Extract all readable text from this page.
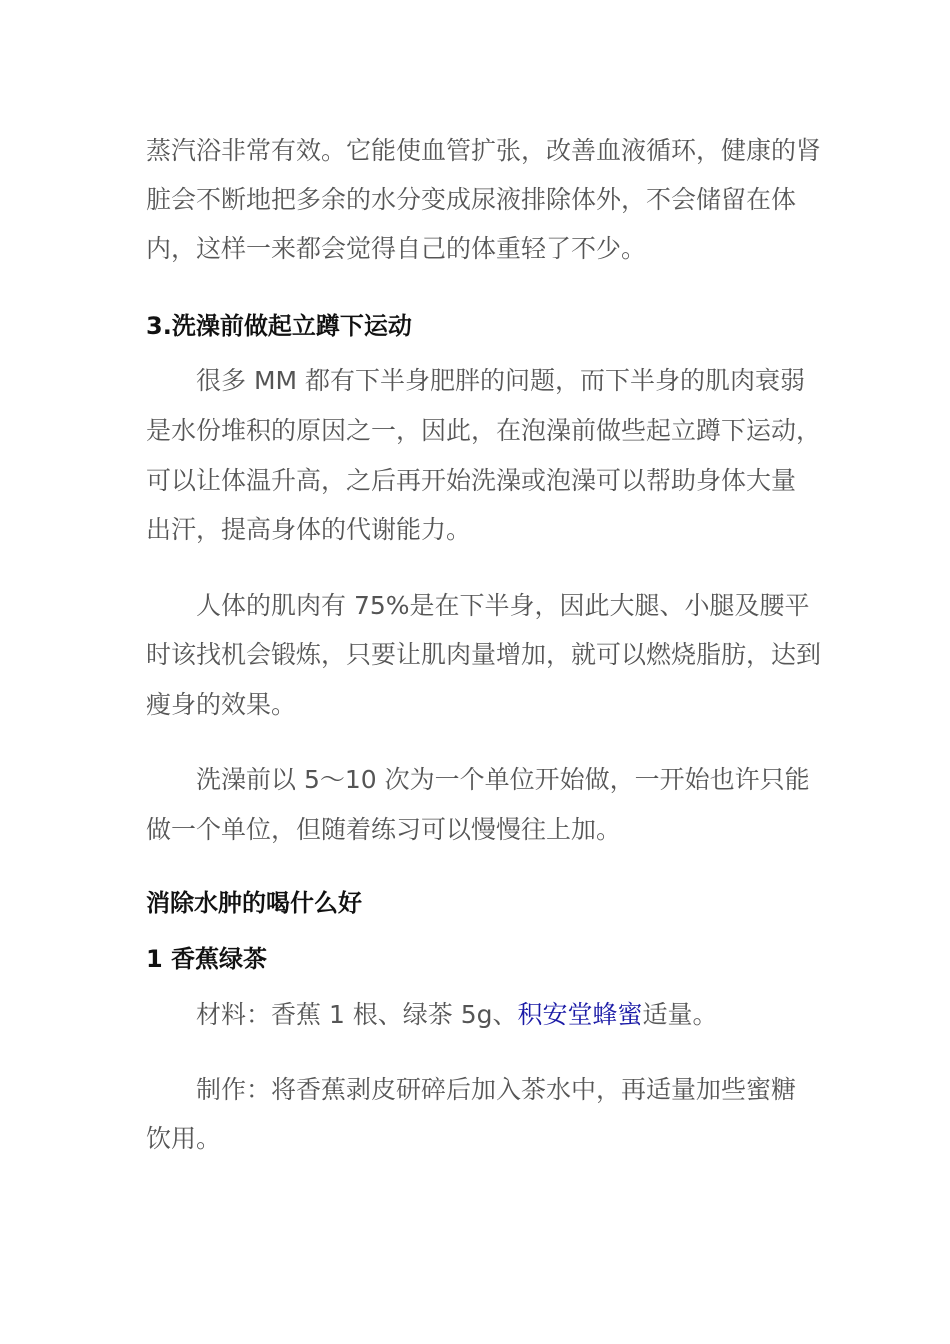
蒸汽浴非常有效。它能使血管扩张，改善血液循环，健康的肾
脏会不断地把多余的水分变成尿液排除体外，不会储留在体
内，这样一来都会觉得自己的体重轻了不少。
3.洗澡前做起立蹲下运动
很多 MM 都有下半身肥胖的问题，而下半身的肌肉衰弱
是水份堆积的原因之一，因此，在泡澡前做些起立蹲下运动，
可以让体温升高，之后再开始洗澡或泡澡可以帮助身体大量
出汗，提高身体的代谢能力。
人体的肌肉有 75%是在下半身，因此大腿、小腿及腰平
时该找机会锻炼，只要让肌肉量增加，就可以燃烧脂肪，达到
瘦身的效果。
洗澡前以 5～10 次为一个单位开始做，一开始也许只能
做一个单位，但随着练习可以慢慢往上加。
消除水肿的喝什么好
1 香蕉绿茶
材料：香蕉 1 根、绿茶 5g、积安堂蜂蜜适量。
制作：将香蕉剥皮研碎后加入茶水中，再适量加些蜜糖
饮用。
